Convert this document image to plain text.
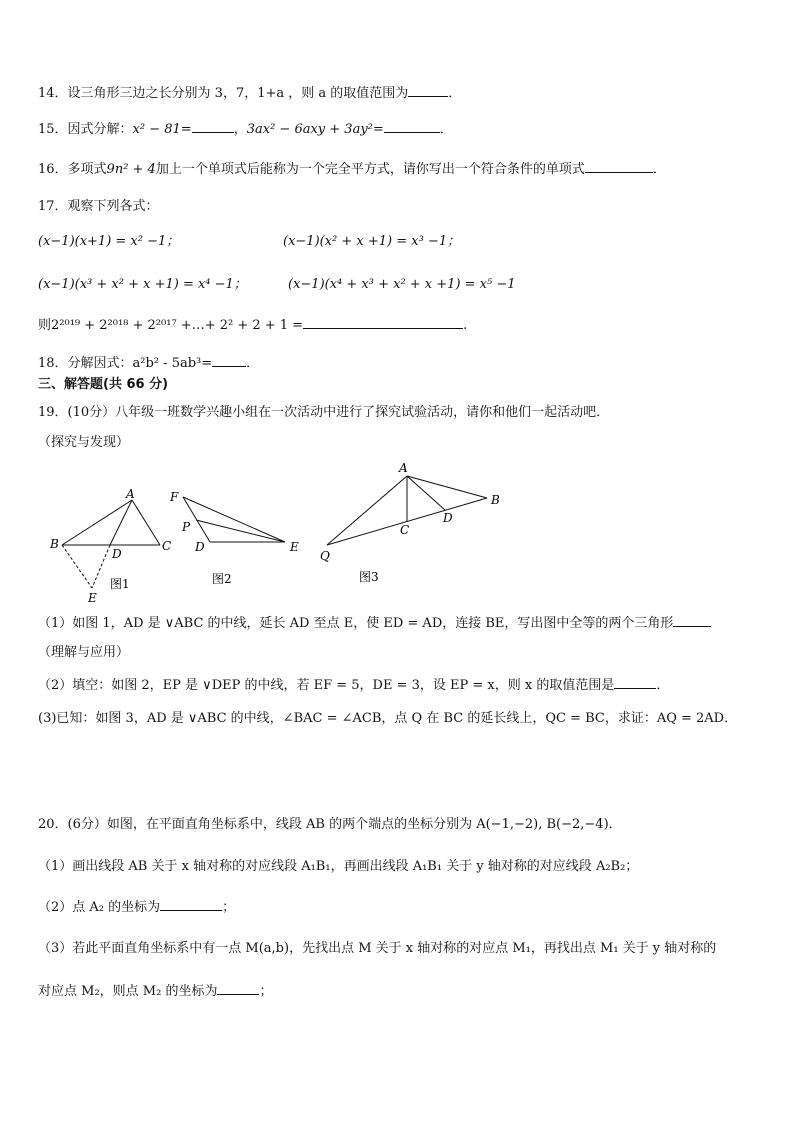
14．设三角形三边之长分别为 3，7，1+a ，则 a 的取值范围为	．
15．因式分解：x² − 81=	，3ax² − 6axy + 3ay²=	．
16．多项式9n² + 4加上一个单项式后能称为一个完全平方式，请你写出一个符合条件的单项式	．
17．观察下列各式：
(x−1)(x+1) = x² −1；	(x−1)(x² + x +1) = x³ −1；
(x−1)(x³ + x² + x +1) = x⁴ −1；	(x−1)(x⁴ + x³ + x² + x +1) = x⁵ −1
则2²⁰¹⁹ + 2²⁰¹⁸ + 2²⁰¹⁷ +…+ 2² + 2 + 1 =	.
18．分解因式：a²b² - 5ab³=	．
三、解答题(共 66 分)
19．(10分）八年级一班数学兴趣小组在一次活动中进行了探究试验活动，请你和他们一起活动吧．
（探究与发现）
A
B	C
D
E
图1
F
P
D	E
图2
A
B
C
D
Q
图3
（1）如图 1，AD 是 ∨ABC 的中线，延长 AD 至点 E，使 ED = AD，连接 BE，写出图中全等的两个三角形
（理解与应用）
（2）填空：如图 2，EP 是 ∨DEP 的中线，若 EF = 5，DE = 3，设 EP = x，则 x 的取值范围是	．
(3)已知：如图 3，AD 是 ∨ABC 的中线，∠BAC = ∠ACB，点 Q 在 BC 的延长线上，QC = BC，求证：AQ = 2AD．
20．(6分）如图，在平面直角坐标系中，线段 AB 的两个端点的坐标分别为 A(−1,−2), B(−2,−4)．
（1）画出线段 AB 关于 x 轴对称的对应线段 A₁B₁，再画出线段 A₁B₁ 关于 y 轴对称的对应线段 A₂B₂；
（2）点 A₂ 的坐标为	；
（3）若此平面直角坐标系中有一点 M(a,b)，先找出点 M 关于 x 轴对称的对应点 M₁，再找出点 M₁ 关于 y 轴对称的
对应点 M₂，则点 M₂ 的坐标为	；
